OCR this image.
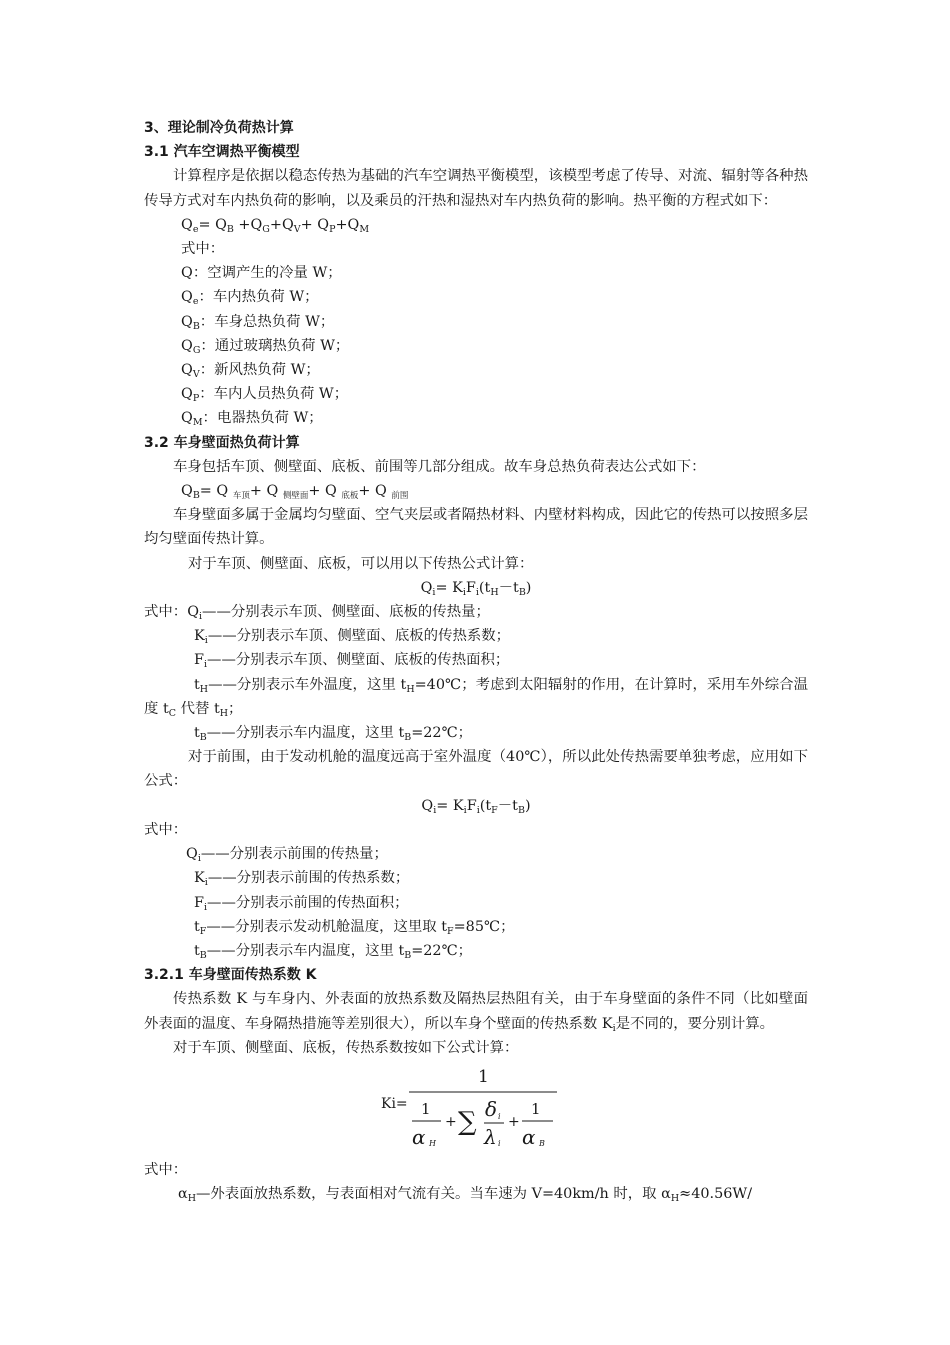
3、理论制冷负荷热计算

3.1 汽车空调热平衡模型

计算程序是依据以稳态传热为基础的汽车空调热平衡模型，该模型考虑了传导、对流、辐射等各种热传导方式对车内热负荷的影响，以及乘员的汗热和湿热对车内热负荷的影响。热平衡的方程式如下：

$Q_e= Q_B +Q_G+Q_V+ Q_P+Q_M$

式中：

Q：空调产生的冷量 W；

$Q_e$：车内热负荷 W；

$Q_B$：车身总热负荷 W；

$Q_G$：通过玻璃热负荷 W；

$Q_V$：新风热负荷 W；

$Q_P$：车内人员热负荷 W；

$Q_M$：电器热负荷 W；

3.2 车身壁面热负荷计算

车身包括车顶、侧壁面、底板、前围等几部分组成。故车身总热负荷表达公式如下：

$Q_B= Q$ $_{车顶}$+ Q $_{侧壁面}$+ Q $_{底板}$+ Q $_{前围}$

车身壁面多属于金属均匀壁面、空气夹层或者隔热材料、内壁材料构成，因此它的传热可以按照多层均匀壁面传热计算。

对于车顶、侧壁面、底板，可以用以下传热公式计算：

$Q_i= K_iF_i(t_H-t_B)$

式中：$Q_i——$分别表示车顶、侧壁面、底板的传热量；

$K_i——$分别表示车顶、侧壁面、底板的传热系数；

$F_i——$分别表示车顶、侧壁面、底板的传热面积；

$t_H——$分别表示车外温度，这里 $t_H=40℃$；考虑到太阳辐射的作用，在计算时，采用车外综合温度 $t_C$ 代替 $t_H$；

$t_B——$分别表示车内温度，这里 $t_B=22℃$；

对于前围，由于发动机舱的温度远高于室外温度（40℃），所以此处传热需要单独考虑，应用如下公式：

$Q_i= K_iF_i(t_F-t_B)$

式中：

$Q_i——$分别表示前围的传热量；

$K_i——$分别表示前围的传热系数；

$F_i——$分别表示前围的传热面积；

$t_F——$分别表示发动机舱温度，这里取 $t_F=85℃$；

$t_B——$分别表示车内温度，这里 $t_B=22℃$；

3.2.1 车身壁面传热系数 K

传热系数 K 与车身内、外表面的放热系数及隔热层热阻有关，由于车身壁面的条件不同（比如壁面外表面的温度、车身隔热措施等差别很大），所以车身个壁面的传热系数 $K_i$是不同的，要分别计算。

对于车顶、侧壁面、底板，传热系数按如下公式计算：

Ki=
1
1
α H
+ ∑ δ i
λ i
+
1
α B

式中：

$\alpha_H—$外表面放热系数，与表面相对气流有关。当车速为 V=40km/h 时，取 $\alpha_H\approx 40.56W/$
